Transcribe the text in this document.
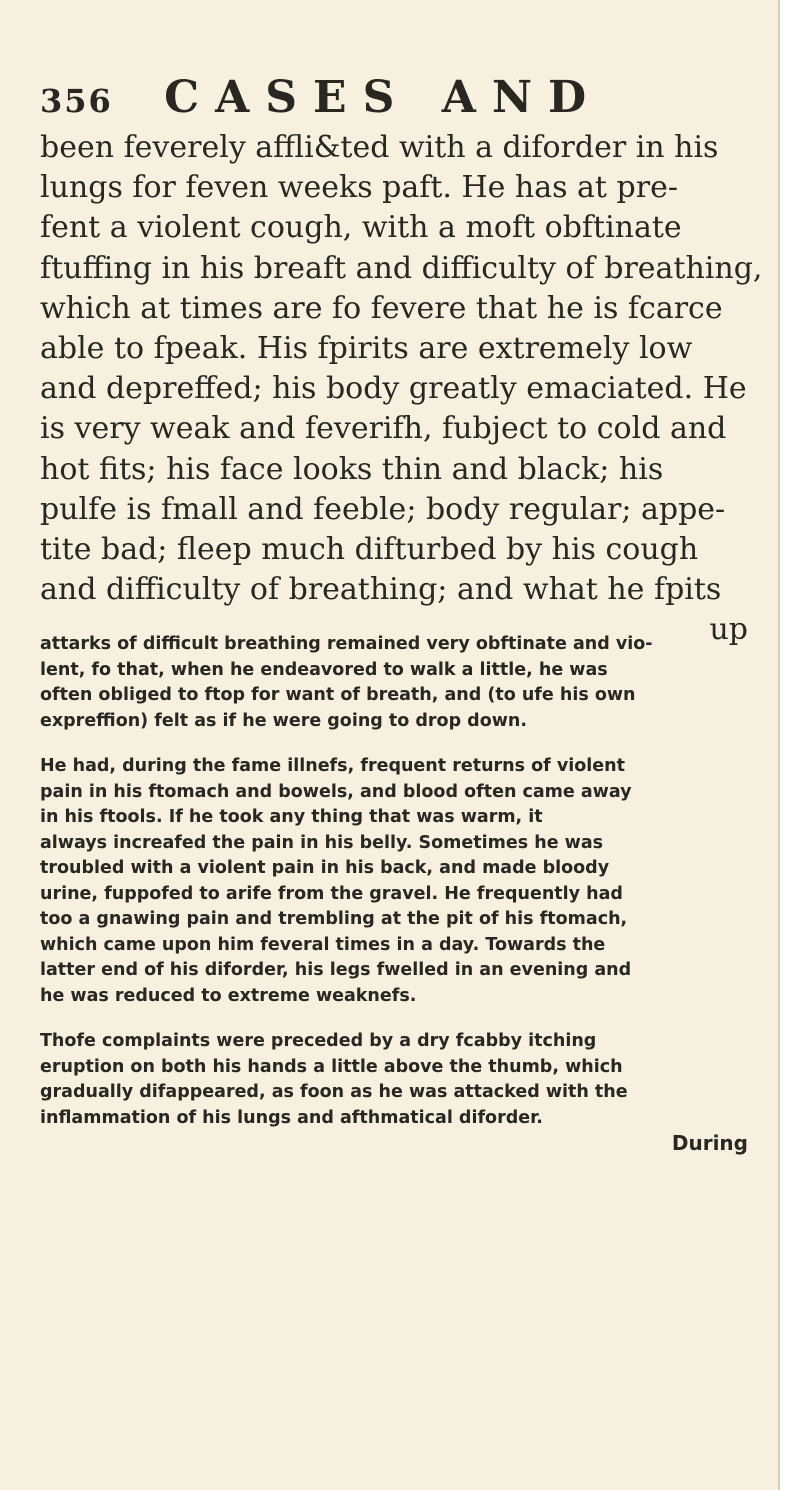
356 CASES AND
been feverely affli&ted with a diforder in his
lungs for feven weeks paft. He has at pre-
fent a violent cough, with a moft obftinate
ftuffing in his breaft and difficulty of breathing,
which at times are fo fevere that he is fcarce
able to fpeak. His fpirits are extremely low
and depreffed; his body greatly emaciated. He
is very weak and feverifh, fubject to cold and
hot fits; his face looks thin and black; his
pulfe is fmall and feeble; body regular; appe-
tite bad; fleep much difturbed by his cough
and difficulty of breathing; and what he fpits
up
attarks of difficult breathing remained very obftinate and vio-
lent, fo that, when he endeavored to walk a little, he was
often obliged to ftop for want of breath, and (to ufe his own
expreffion) felt as if he were going to drop down.
He had, during the fame illnefs, frequent returns of violent
pain in his ftomach and bowels, and blood often came away
in his ftools. If he took any thing that was warm, it
always increafed the pain in his belly. Sometimes he was
troubled with a violent pain in his back, and made bloody
urine, fuppofed to arife from the gravel. He frequently had
too a gnawing pain and trembling at the pit of his ftomach,
which came upon him feveral times in a day. Towards the
latter end of his diforder, his legs fwelled in an evening and
he was reduced to extreme weaknefs.
Thofe complaints were preceded by a dry fcabby itching
eruption on both his hands a little above the thumb, which
gradually difappeared, as foon as he was attacked with the
inflammation of his lungs and afthmatical diforder.
During
